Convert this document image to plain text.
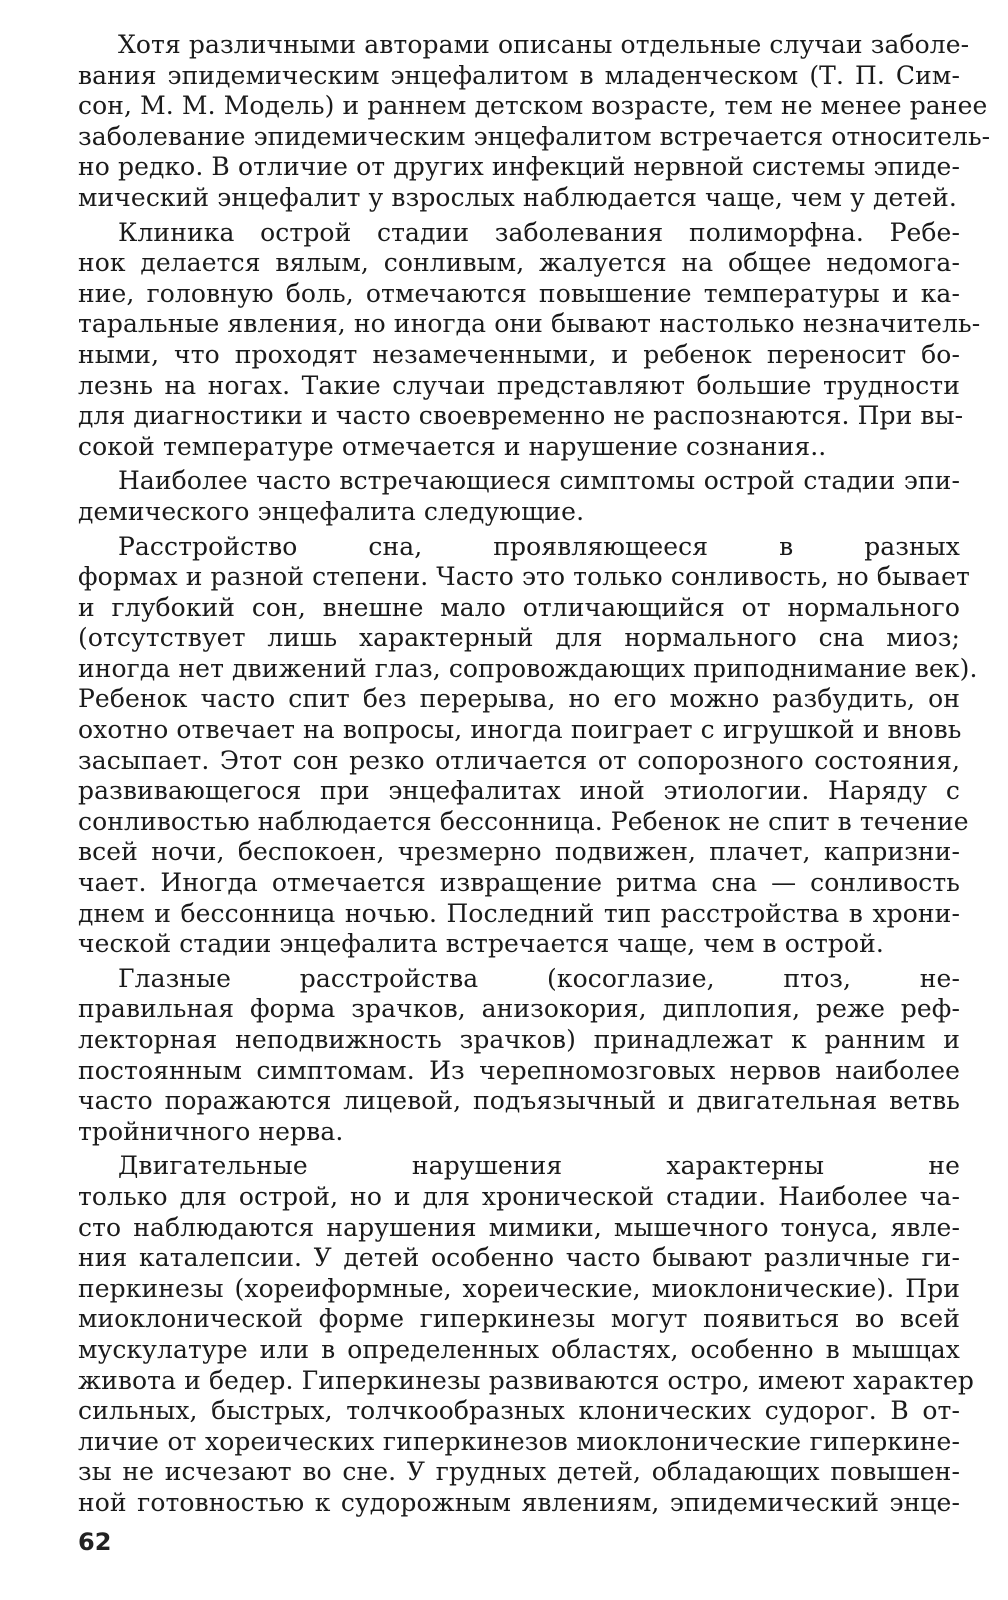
Хотя различными авторами описаны отдельные случаи заболе-
вания эпидемическим энцефалитом в младенческом (Т. П. Сим-
сон, М. М. Модель) и раннем детском возрасте, тем не менее ранее
заболевание эпидемическим энцефалитом встречается относитель-
но редко. В отличие от других инфекций нервной системы эпиде-
мический энцефалит у взрослых наблюдается чаще, чем у детей.
Клиника острой стадии заболевания полиморфна. Ребе-
нок делается вялым, сонливым, жалуется на общее недомога-
ние, головную боль, отмечаются повышение температуры и ка-
таральные явления, но иногда они бывают настолько незначитель-
ными, что проходят незамеченными, и ребенок переносит бо-
лезнь на ногах. Такие случаи представляют большие трудности
для диагностики и часто своевременно не распознаются. При вы-
сокой температуре отмечается и нарушение сознания..
Наиболее часто встречающиеся симптомы острой стадии эпи-
демического энцефалита следующие.
Расстройство сна, проявляющееся в разных
формах и разной степени. Часто это только сонливость, но бывает
и глубокий сон, внешне мало отличающийся от нормального
(отсутствует лишь характерный для нормального сна миоз;
иногда нет движений глаз, сопровождающих приподнимание век).
Ребенок часто спит без перерыва, но его можно разбудить, он
охотно отвечает на вопросы, иногда поиграет с игрушкой и вновь
засыпает. Этот сон резко отличается от сопорозного состояния,
развивающегося при энцефалитах иной этиологии. Наряду с
сонливостью наблюдается бессонница. Ребенок не спит в течение
всей ночи, беспокоен, чрезмерно подвижен, плачет, капризни-
чает. Иногда отмечается извращение ритма сна — сонливость
днем и бессонница ночью. Последний тип расстройства в хрони-
ческой стадии энцефалита встречается чаще, чем в острой.
Глазные расстройства (косоглазие, птоз, не-
правильная форма зрачков, анизокория, диплопия, реже реф-
лекторная неподвижность зрачков) принадлежат к ранним и
постоянным симптомам. Из черепномозговых нервов наиболее
часто поражаются лицевой, подъязычный и двигательная ветвь
тройничного нерва.
Двигательные нарушения характерны не
только для острой, но и для хронической стадии. Наиболее ча-
сто наблюдаются нарушения мимики, мышечного тонуса, явле-
ния каталепсии. У детей особенно часто бывают различные ги-
перкинезы (хореиформные, хореические, миоклонические). При
миоклонической форме гиперкинезы могут появиться во всей
мускулатуре или в определенных областях, особенно в мышцах
живота и бедер. Гиперкинезы развиваются остро, имеют характер
сильных, быстрых, толчкообразных клонических судорог. В от-
личие от хореических гиперкинезов миоклонические гиперкине-
зы не исчезают во сне. У грудных детей, обладающих повышен-
ной готовностью к судорожным явлениям, эпидемический энце-
62
